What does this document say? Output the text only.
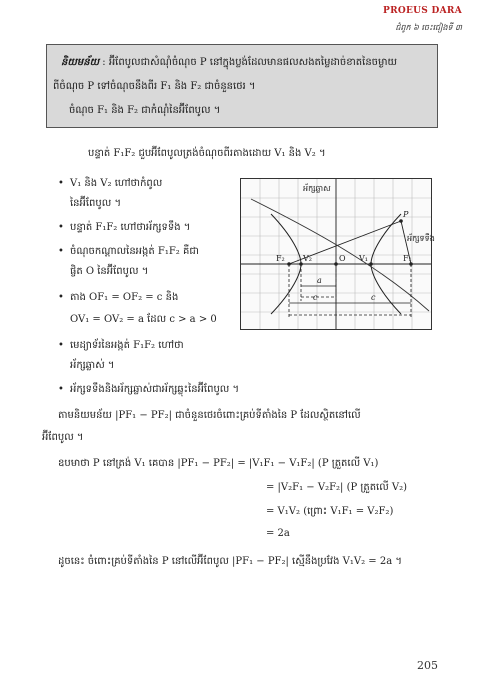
PROEUS DARA
ជំពូក ៦ ចេះជៀងទី ៣
និយមន័យ : អ៊ីពែបូលជាសំណុំចំណុច P នៅក្នុងប្លង់ដែលមានផលសងតម្លៃដាច់ខាតនៃចម្ងាយ
ពីចំណុច P ទៅចំណុចនឹងពីរ F₁ និង F₂ ជាចំនួនថេរ ។
ចំណុច F₁ និង F₂ ជាកំណុំនៃអ៊ីពែបូល ។
បន្ទាត់ F₁F₂ ជួបអ៊ីពែបូលត្រង់ចំណុចពីរតាងដោយ V₁ និង V₂ ។
• V₁ និង V₂ ហៅថាកំពូល
នៃអ៊ីពែបូល ។
• បន្ទាត់ F₁F₂ ហៅថាអ័ក្សទទឹង ។
• ចំណុចកណ្ដាលនៃអង្កត់ F₁F₂ គឺជា
ផ្ចិត O នៃអ៊ីពែបូល ។
• តាង OF₁ = OF₂ = c និង
OV₁ = OV₂ = a ដែល c > a > 0
• មេដ្យាទ័រនៃអង្កត់ F₁F₂ ហៅថា
អ័ក្សឆ្លាស់ ។
• អ័ក្សទទឹងនិងអ័ក្សឆ្លាស់ជាអ័ក្សឆ្លុះនៃអ៊ីពែបូល ។
អ័ក្សឆ្លាស
អ័ក្សទទឹង
P
F₂ V₂	O V₁	F₁
a
c	c
តាមនិយមន័យ |PF₁ − PF₂| ជាចំនួនថេរចំពោះគ្រប់ទីតាំងនៃ P ដែលស្ថិតនៅលើ
អ៊ីពែបូល ។
ឧបមាថា P នៅត្រង់ V₁ គេបាន |PF₁ − PF₂| = |V₁F₁ − V₁F₂| (P ត្រួតលើ V₁)
= |V₂F₁ − V₂F₂| (P ត្រួតលើ V₂)
= V₁V₂ (ព្រោះ V₁F₁ = V₂F₂)
= 2a
ដូចនេះ ចំពោះគ្រប់ទីតាំងនៃ P នៅលើអ៊ីពែបូល |PF₁ − PF₂| ស្មើនឹងប្រវែង V₁V₂ = 2a ។
205
